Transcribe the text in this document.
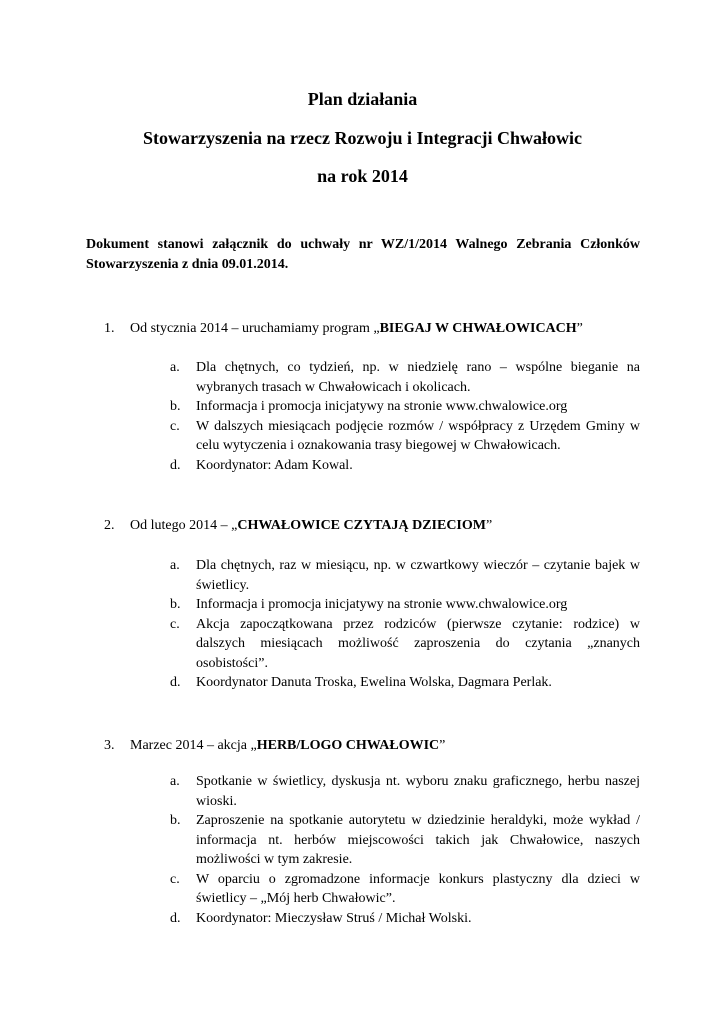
Plan działania
Stowarzyszenia na rzecz Rozwoju i Integracji Chwałowic
na rok 2014

Dokument stanowi załącznik do uchwały nr WZ/1/2014 Walnego Zebrania Członków Stowarzyszenia z dnia 09.01.2014.

1. Od stycznia 2014 – uruchamiamy program „BIEGAJ W CHWAŁOWICACH”

a. Dla chętnych, co tydzień, np. w niedzielę rano – wspólne bieganie na wybranych trasach w Chwałowicach i okolicach.
b. Informacja i promocja inicjatywy na stronie www.chwalowice.org
c. W dalszych miesiącach podjęcie rozmów / współpracy z Urzędem Gminy w celu wytyczenia i oznakowania trasy biegowej w Chwałowicach.
d. Koordynator: Adam Kowal.

2. Od lutego 2014 – „CHWAŁOWICE CZYTAJĄ DZIECIOM”

a. Dla chętnych, raz w miesiącu, np. w czwartkowy wieczór – czytanie bajek w świetlicy.
b. Informacja i promocja inicjatywy na stronie www.chwalowice.org
c. Akcja zapoczątkowana przez rodziców (pierwsze czytanie: rodzice) w dalszych miesiącach możliwość zaproszenia do czytania „znanych osobistości”.
d. Koordynator Danuta Troska, Ewelina Wolska, Dagmara Perlak.

3. Marzec 2014 – akcja „HERB/LOGO CHWAŁOWIC”

a. Spotkanie w świetlicy, dyskusja nt. wyboru znaku graficznego, herbu naszej wioski.
b. Zaproszenie na spotkanie autorytetu w dziedzinie heraldyki, może wykład / informacja nt. herbów miejscowości takich jak Chwałowice, naszych możliwości w tym zakresie.
c. W oparciu o zgromadzone informacje konkurs plastyczny dla dzieci w świetlicy – „Mój herb Chwałowic”.
d. Koordynator: Mieczysław Struś / Michał Wolski.
